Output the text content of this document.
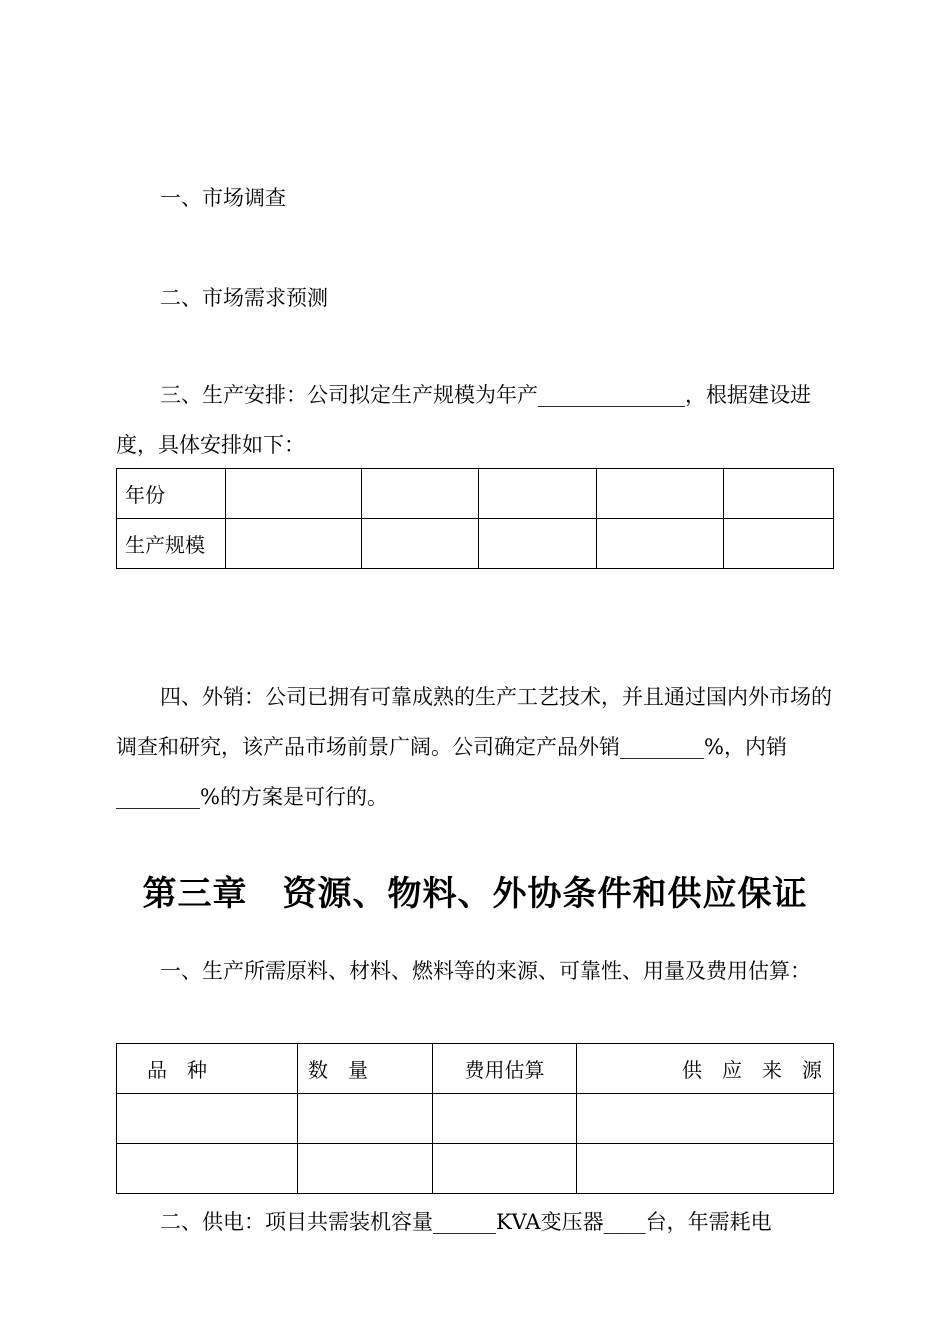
一、市场调查
二、市场需求预测
三、生产安排：公司拟定生产规模为年产______________，根据建设进度，具体安排如下：
年份					
生产规模					
四、外销：公司已拥有可靠成熟的生产工艺技术，并且通过国内外市场的调查和研究，该产品市场前景广阔。公司确定产品外销________%，内销________%的方案是可行的。
第三章　资源、物料、外协条件和供应保证
一、生产所需原料、材料、燃料等的来源、可靠性、用量及费用估算：
品　种	数　量	费用估算	供　应　来　源

二、供电：项目共需装机容量______KVA变压器____台，年需耗电
